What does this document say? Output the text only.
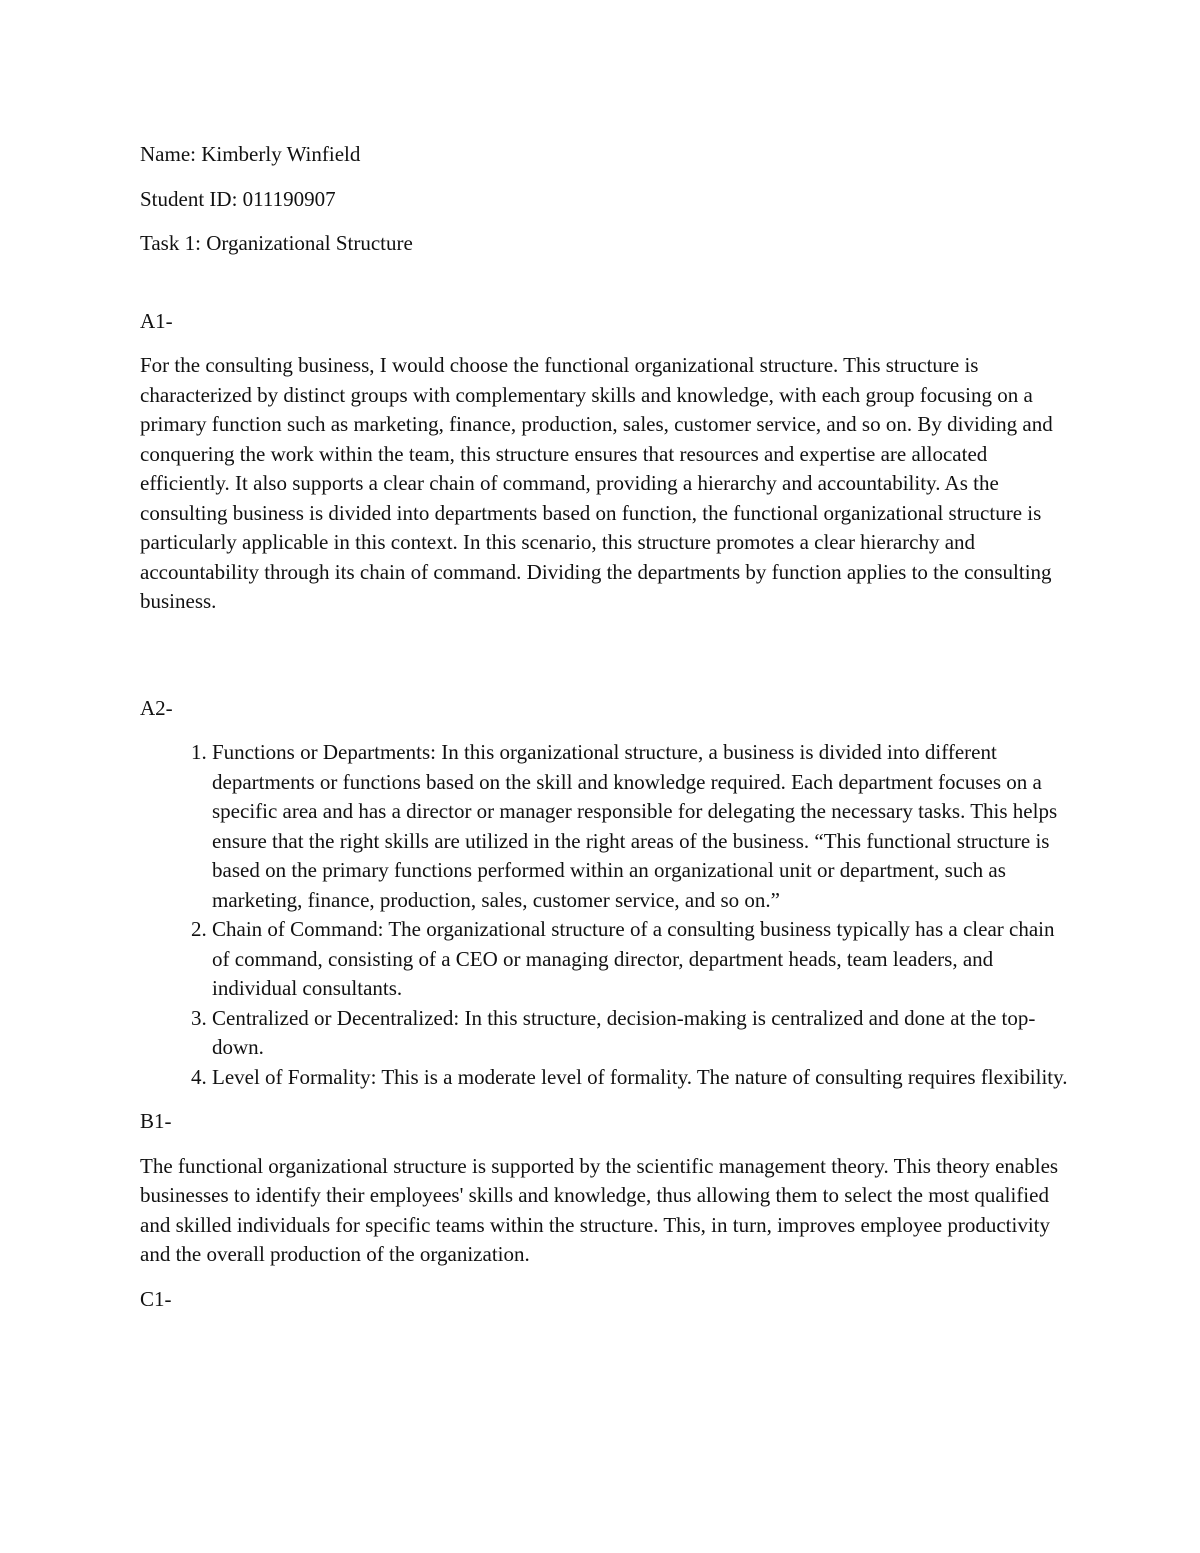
Name: Kimberly Winfield

Student ID: 011190907

Task 1: Organizational Structure

A1-

For the consulting business, I would choose the functional organizational structure. This structure is characterized by distinct groups with complementary skills and knowledge, with each group focusing on a primary function such as marketing, finance, production, sales, customer service, and so on. By dividing and conquering the work within the team, this structure ensures that resources and expertise are allocated efficiently. It also supports a clear chain of command, providing a hierarchy and accountability. As the consulting business is divided into departments based on function, the functional organizational structure is particularly applicable in this context. In this scenario, this structure promotes a clear hierarchy and accountability through its chain of command. Dividing the departments by function applies to the consulting business.

A2-

1. Functions or Departments: In this organizational structure, a business is divided into different departments or functions based on the skill and knowledge required. Each department focuses on a specific area and has a director or manager responsible for delegating the necessary tasks. This helps ensure that the right skills are utilized in the right areas of the business. “This functional structure is based on the primary functions performed within an organizational unit or department, such as marketing, finance, production, sales, customer service, and so on.”
2. Chain of Command: The organizational structure of a consulting business typically has a clear chain of command, consisting of a CEO or managing director, department heads, team leaders, and individual consultants.
3. Centralized or Decentralized: In this structure, decision-making is centralized and done at the top-down.
4. Level of Formality: This is a moderate level of formality. The nature of consulting requires flexibility.

B1-

The functional organizational structure is supported by the scientific management theory. This theory enables businesses to identify their employees' skills and knowledge, thus allowing them to select the most qualified and skilled individuals for specific teams within the structure. This, in turn, improves employee productivity and the overall production of the organization.

C1-
